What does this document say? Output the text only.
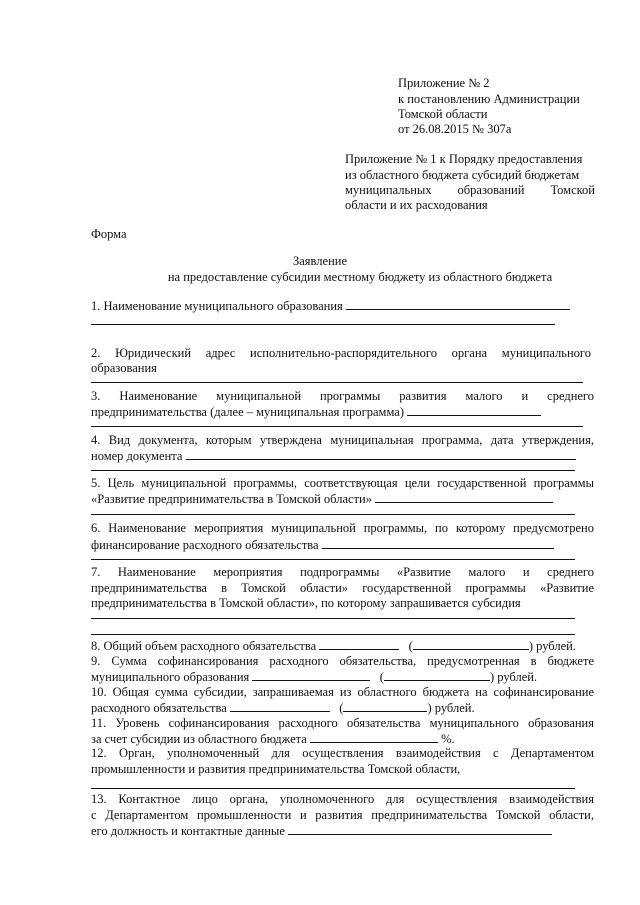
Приложение № 2
к постановлению Администрации
Томской области
от 26.08.2015 № 307а
Приложение № 1 к Порядку предоставления
из областного бюджета субсидий бюджетам
муниципальных образований Томской
области и их расходования
Форма
Заявление
на предоставление субсидии местному бюджету из областного бюджета
1. Наименование муниципального образования
2. Юридический адрес исполнительно-распорядительного органа муниципального
образования
3. Наименование муниципальной программы развития малого и среднего
предпринимательства (далее – муниципальная программа)
4. Вид документа, которым утверждена муниципальная программа, дата утверждения,
номер документа
5. Цель муниципальной программы, соответствующая цели государственной программы
«Развитие предпринимательства в Томской области»
6. Наименование мероприятия муниципальной программы, по которому предусмотрено
финансирование расходного обязательства
7. Наименование мероприятия подпрограммы «Развитие малого и среднего
предпринимательства в Томской области» государственной программы «Развитие
предпринимательства в Томской области», по которому запрашивается субсидия
8. Общий объем расходного обязательства	(	) рублей.
9. Сумма софинансирования расходного обязательства, предусмотренная в бюджете
муниципального образования	(	) рублей.
10. Общая сумма субсидии, запрашиваемая из областного бюджета на софинансирование
расходного обязательства	(	) рублей.
11. Уровень софинансирования расходного обязательства муниципального образования
за счет субсидии из областного бюджета	%.
12. Орган, уполномоченный для осуществления взаимодействия с Департаментом
промышленности и развития предпринимательства Томской области,
13. Контактное лицо органа, уполномоченного для осуществления взаимодействия
с Департаментом промышленности и развития предпринимательства Томской области,
его должность и контактные данные
